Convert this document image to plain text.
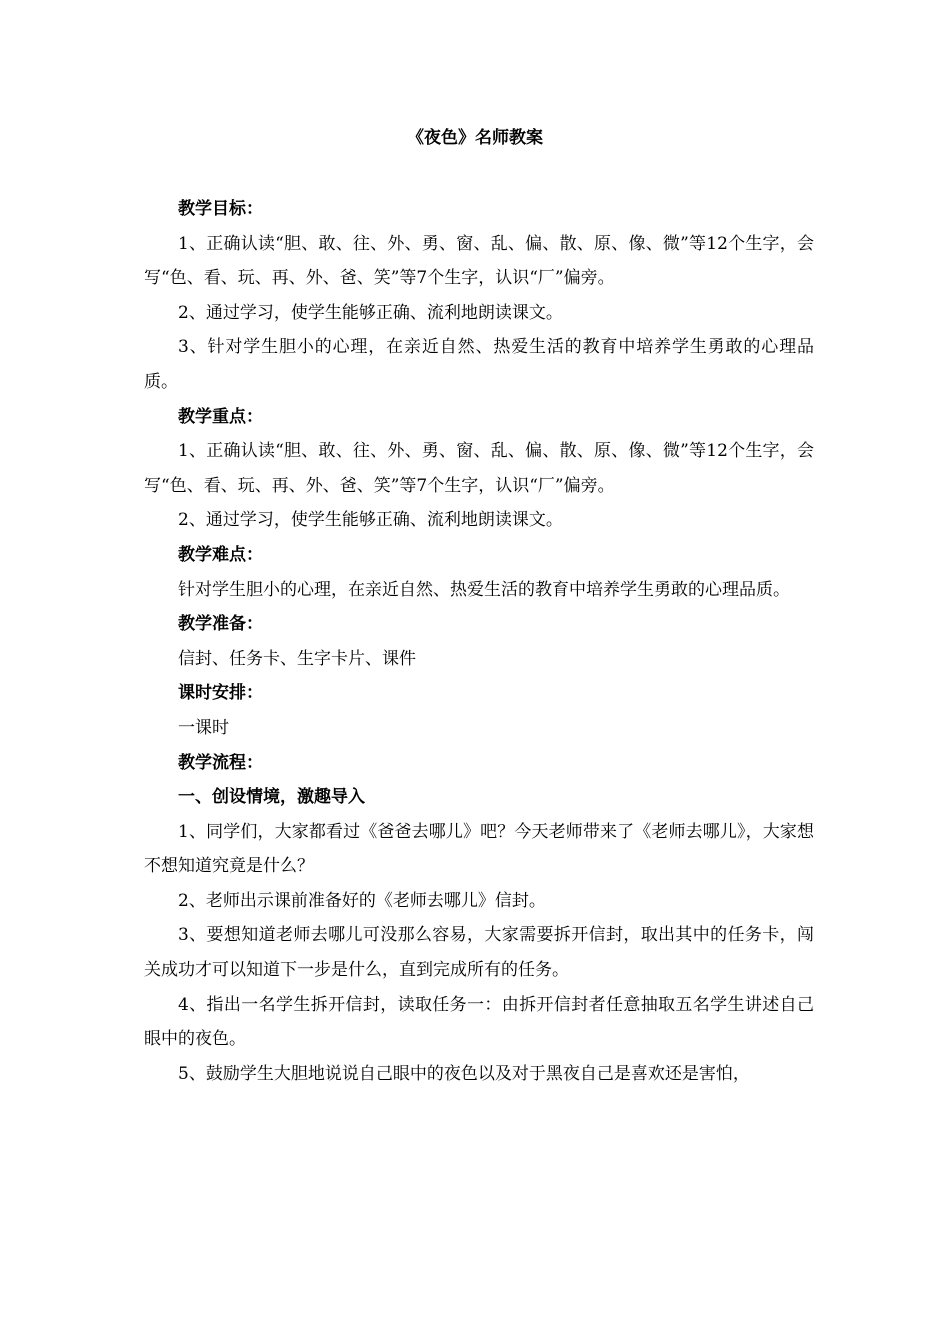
《夜色》名师教案

教学目标：

1、正确认读“胆、敢、往、外、勇、窗、乱、偏、散、原、像、微”等12个生字，会写“色、看、玩、再、外、爸、笑”等7个生字，认识“厂”偏旁。

2、通过学习，使学生能够正确、流利地朗读课文。

3、针对学生胆小的心理，在亲近自然、热爱生活的教育中培养学生勇敢的心理品质。

教学重点：

1、正确认读“胆、敢、往、外、勇、窗、乱、偏、散、原、像、微”等12个生字，会写“色、看、玩、再、外、爸、笑”等7个生字，认识“厂”偏旁。

2、通过学习，使学生能够正确、流利地朗读课文。

教学难点：

针对学生胆小的心理，在亲近自然、热爱生活的教育中培养学生勇敢的心理品质。

教学准备：

信封、任务卡、生字卡片、课件

课时安排：

一课时

教学流程：

一、创设情境，激趣导入

1、同学们，大家都看过《爸爸去哪儿》吧？今天老师带来了《老师去哪儿》，大家想不想知道究竟是什么？

2、老师出示课前准备好的《老师去哪儿》信封。

3、要想知道老师去哪儿可没那么容易，大家需要拆开信封，取出其中的任务卡，闯关成功才可以知道下一步是什么，直到完成所有的任务。

4、指出一名学生拆开信封，读取任务一：由拆开信封者任意抽取五名学生讲述自己眼中的夜色。

5、鼓励学生大胆地说说自己眼中的夜色以及对于黑夜自己是喜欢还是害怕，
